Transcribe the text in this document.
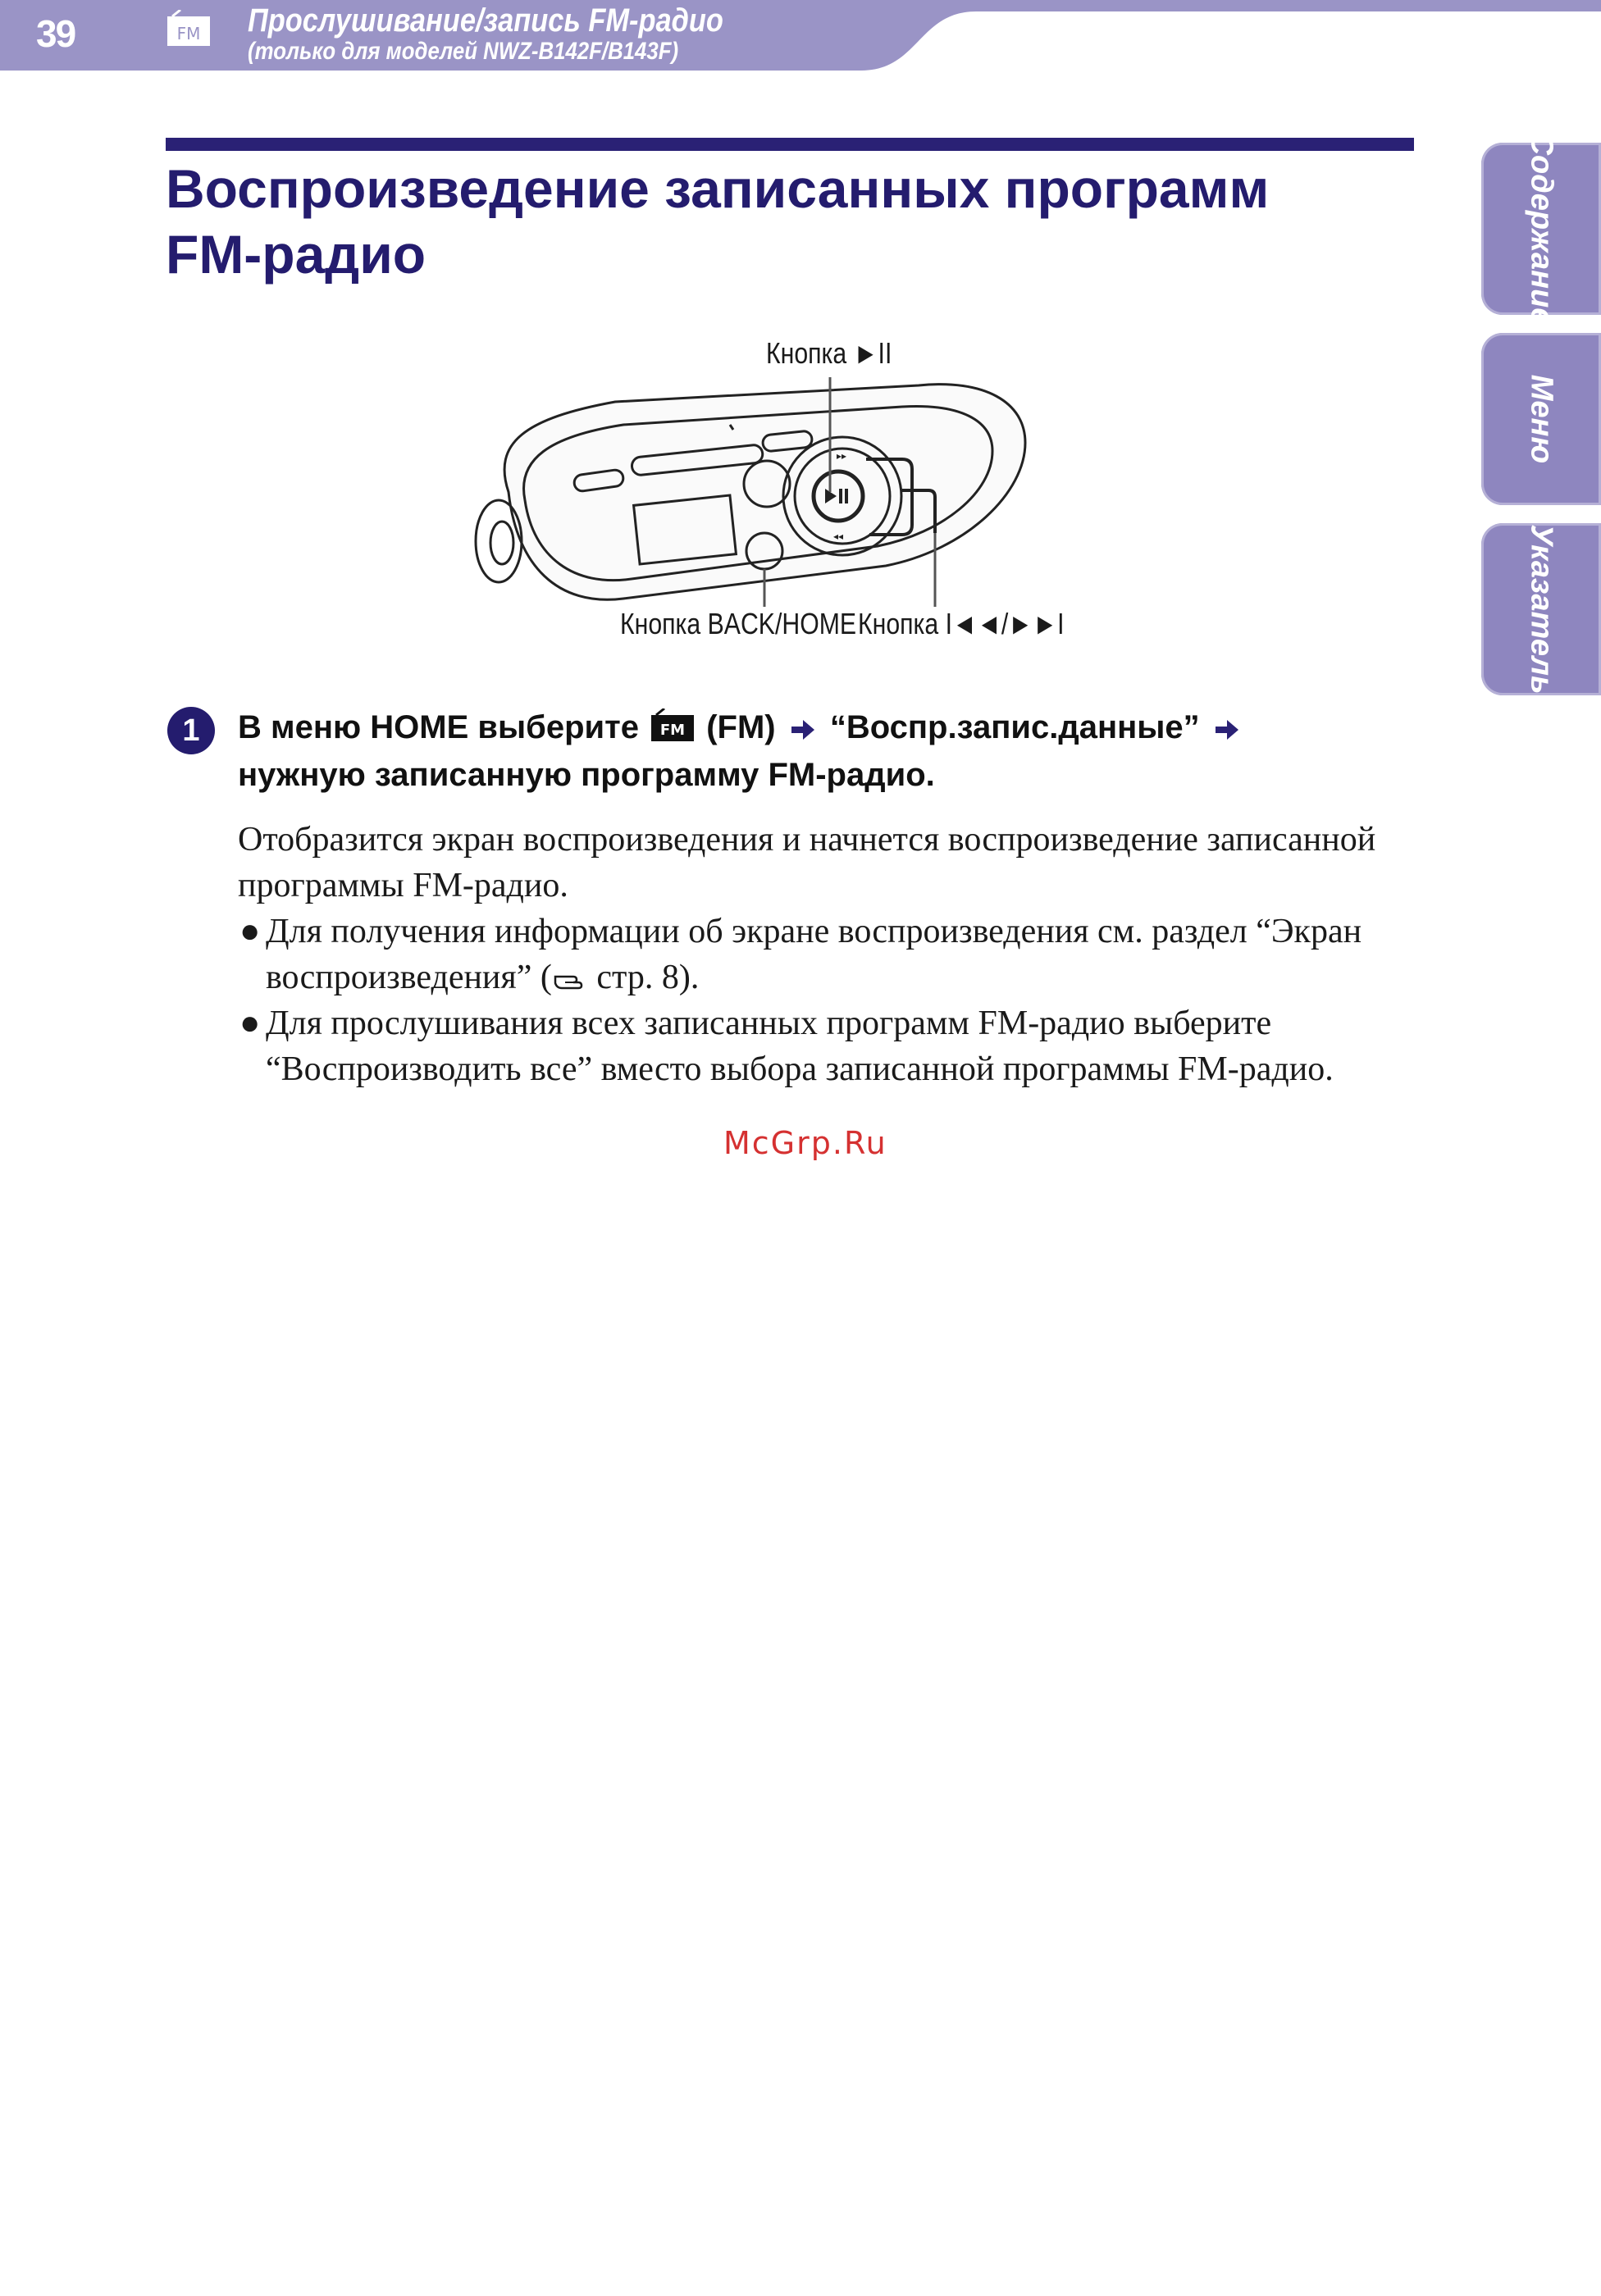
39	FM Прослушивание/запись FM-радио
(только для моделей NWZ-B142F/B143F)
Содержание
Меню
Указатель
Воспроизведение записанных программ
FM-радио
▸▸
◂◂
Кнопка ►II
Кнопка BACK/HOME Кнопка I◄◄/►►I
1	В меню HOME выберите FM (FM) “Воспр.запис.данные”
нужную записанную программу FM-радио.

Отобразится экран воспроизведения и начнется воспроизведение записанной программы FM-радио.

● Для получения информации об экране воспроизведения см. раздел “Экран воспроизведения” ( стр. 8).

● Для прослушивания всех записанных программ FM-радио выберите “Воспроизводить все” вместо выбора записанной программы FM-радио.

McGrp.Ru
